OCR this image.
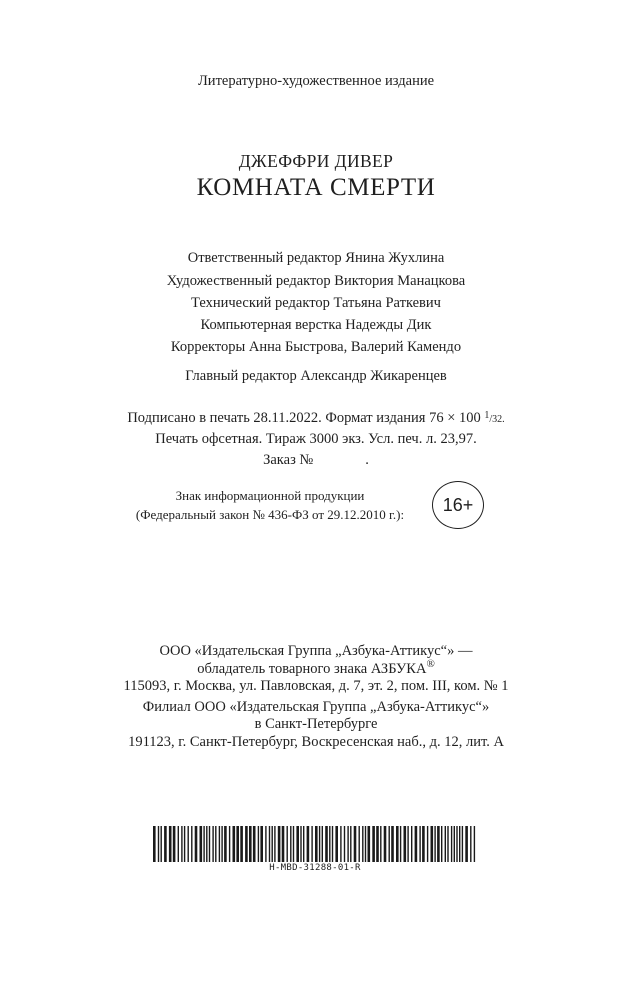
Литературно-художественное издание
ДЖЕФФРИ ДИВЕР
КОМНАТА СМЕРТИ
Ответственный редактор Янина Жухлина
Художественный редактор Виктория Манацкова
Технический редактор Татьяна Раткевич
Компьютерная верстка Надежды Дик
Корректоры Анна Быстрова, Валерий Камендо
Главный редактор Александр Жикаренцев
Подписано в печать 28.11.2022. Формат издания 76 × 100 $^1$/32.
Печать офсетная. Тираж 3000 экз. Усл. печ. л. 23,97.
Заказ №	.
Знак информационной продукции
(Федеральный закон № 436-ФЗ от 29.12.2010 г.):	16+
ООО «Издательская Группа „Азбука-Аттикус“» —
обладатель товарного знака АЗБУКА®
115093, г. Москва, ул. Павловская, д. 7, эт. 2, пом. III, ком. № 1
Филиал ООО «Издательская Группа „Азбука-Аттикус“»
в Санкт-Петербурге
191123, г. Санкт-Петербург, Воскресенская наб., д. 12, лит. А
H-MBD-31288-01-R
